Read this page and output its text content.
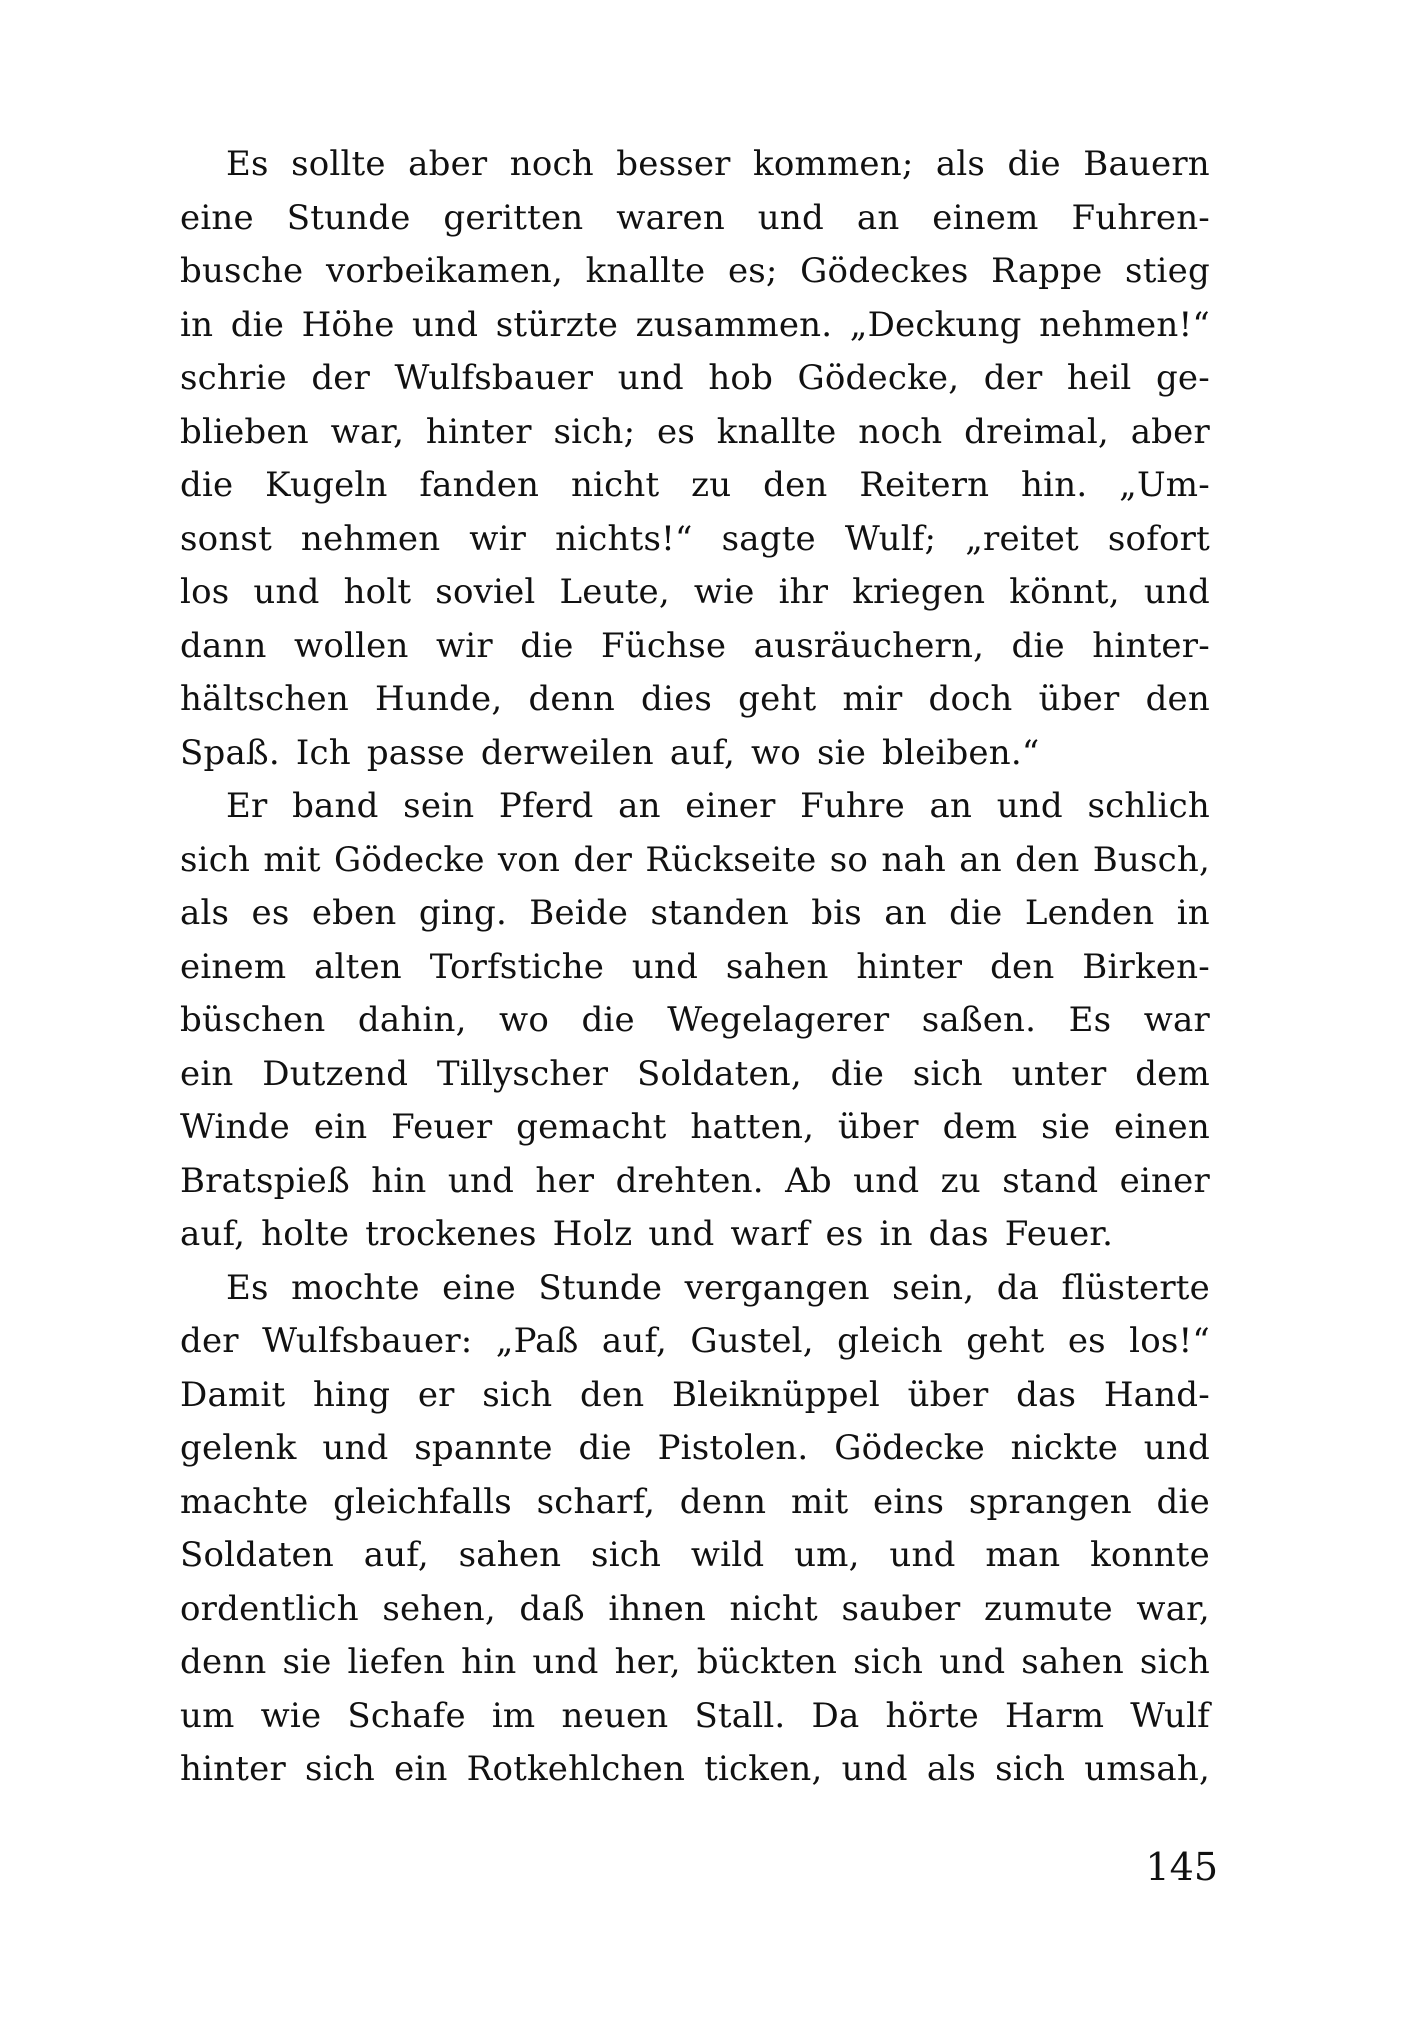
Es sollte aber noch besser kommen; als die Bauern
eine Stunde geritten waren und an einem Fuhren-
busche vorbeikamen, knallte es; Gödeckes Rappe stieg
in die Höhe und stürzte zusammen. „Deckung nehmen!“
schrie der Wulfsbauer und hob Gödecke, der heil ge-
blieben war, hinter sich; es knallte noch dreimal, aber
die Kugeln fanden nicht zu den Reitern hin. „Um-
sonst nehmen wir nichts!“ sagte Wulf; „reitet sofort
los und holt soviel Leute, wie ihr kriegen könnt, und
dann wollen wir die Füchse ausräuchern, die hinter-
hältschen Hunde, denn dies geht mir doch über den
Spaß. Ich passe derweilen auf, wo sie bleiben.“
Er band sein Pferd an einer Fuhre an und schlich
sich mit Gödecke von der Rückseite so nah an den Busch,
als es eben ging. Beide standen bis an die Lenden in
einem alten Torfstiche und sahen hinter den Birken-
büschen dahin, wo die Wegelagerer saßen. Es war
ein Dutzend Tillyscher Soldaten, die sich unter dem
Winde ein Feuer gemacht hatten, über dem sie einen
Bratspieß hin und her drehten. Ab und zu stand einer
auf, holte trockenes Holz und warf es in das Feuer.
Es mochte eine Stunde vergangen sein, da flüsterte
der Wulfsbauer: „Paß auf, Gustel, gleich geht es los!“
Damit hing er sich den Bleiknüppel über das Hand-
gelenk und spannte die Pistolen. Gödecke nickte und
machte gleichfalls scharf, denn mit eins sprangen die
Soldaten auf, sahen sich wild um, und man konnte
ordentlich sehen, daß ihnen nicht sauber zumute war,
denn sie liefen hin und her, bückten sich und sahen sich
um wie Schafe im neuen Stall. Da hörte Harm Wulf
hinter sich ein Rotkehlchen ticken, und als sich umsah,
145
